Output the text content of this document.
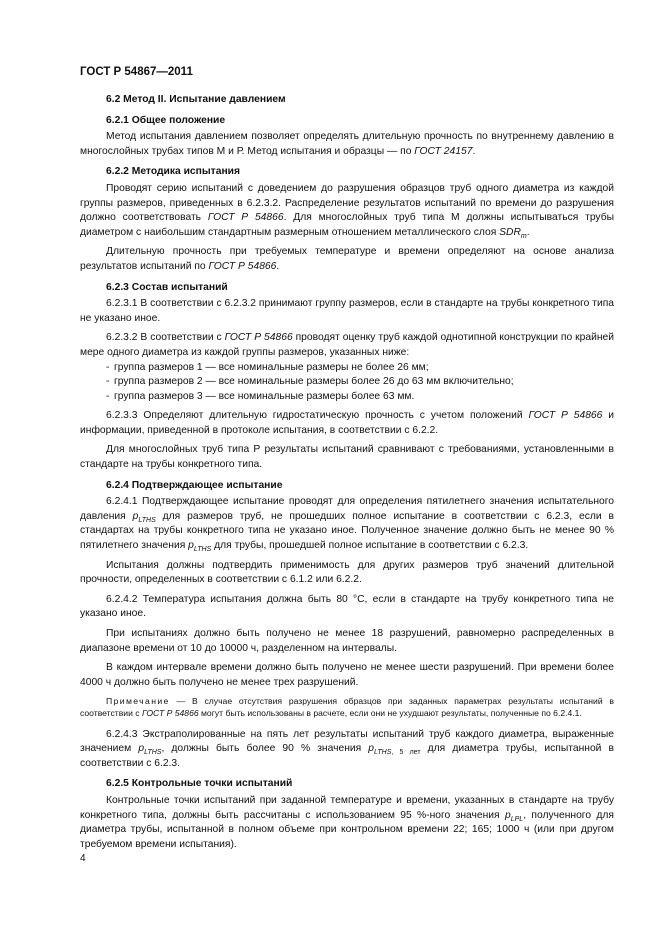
ГОСТ Р 54867—2011
6.2 Метод II. Испытание давлением
6.2.1 Общее положение

Метод испытания давлением позволяет определять длительную прочность по внутреннему давлению в многослойных трубах типов М и Р. Метод испытания и образцы — по ГОСТ 24157.

6.2.2 Методика испытания

Проводят серию испытаний с доведением до разрушения образцов труб одного диаметра из каждой группы размеров, приведенных в 6.2.3.2. Распределение результатов испытаний по времени до разрушения должно соответствовать ГОСТ Р 54866. Для многослойных труб типа М должны испытываться трубы диаметром с наибольшим стандартным размерным отношением металлического слоя $SDR_m$.

Длительную прочность при требуемых температуре и времени определяют на основе анализа результатов испытаний по ГОСТ Р 54866.

6.2.3 Состав испытаний

6.2.3.1 В соответствии с 6.2.3.2 принимают группу размеров, если в стандарте на трубы конкретного типа не указано иное.

6.2.3.2 В соответствии с ГОСТ Р 54866 проводят оценку труб каждой однотипной конструкции по крайней мере одного диаметра из каждой группы размеров, указанных ниже:

- группа размеров 1 — все номинальные размеры не более 26 мм;
- группа размеров 2 — все номинальные размеры более 26 до 63 мм включительно;
- группа размеров 3 — все номинальные размеры более 63 мм.

6.2.3.3 Определяют длительную гидростатическую прочность с учетом положений ГОСТ Р 54866 и информации, приведенной в протоколе испытания, в соответствии с 6.2.2.

Для многослойных труб типа Р результаты испытаний сравнивают с требованиями, установленными в стандарте на трубы конкретного типа.

6.2.4 Подтверждающее испытание

6.2.4.1 Подтверждающее испытание проводят для определения пятилетнего значения испытательного давления $p_{LTHS}$ для размеров труб, не прошедших полное испытание в соответствии с 6.2.3, если в стандартах на трубы конкретного типа не указано иное. Полученное значение должно быть не менее 90 % пятилетнего значения $p_{LTHS}$ для трубы, прошедшей полное испытание в соответствии с 6.2.3.

Испытания должны подтвердить применимость для других размеров труб значений длительной прочности, определенных в соответствии с 6.1.2 или 6.2.2.

6.2.4.2 Температура испытания должна быть 80 °С, если в стандарте на трубу конкретного типа не указано иное.

При испытаниях должно быть получено не менее 18 разрушений, равномерно распределенных в диапазоне времени от 10 до 10000 ч, разделенном на интервалы.

В каждом интервале времени должно быть получено не менее шести разрушений. При времени более 4000 ч должно быть получено не менее трех разрушений.

Примечание — В случае отсутствия разрушения образцов при заданных параметрах результаты испытаний в соответствии с ГОСТ Р 54866 могут быть использованы в расчете, если они не ухудшают результаты, полученные по 6.2.4.1.

6.2.4.3 Экстраполированные на пять лет результаты испытаний труб каждого диаметра, выраженные значением $p_{LTHS}$, должны быть более 90 % значения $p_{LTHS, 5 лет}$ для диаметра трубы, испытанной в соответствии с 6.2.3.

6.2.5 Контрольные точки испытаний

Контрольные точки испытаний при заданной температуре и времени, указанных в стандарте на трубу конкретного типа, должны быть рассчитаны с использованием 95 %-ного значения $p_{LPL}$, полученного для диаметра трубы, испытанной в полном объеме при контрольном времени 22; 165; 1000 ч (или при другом требуемом времени испытания).

4
